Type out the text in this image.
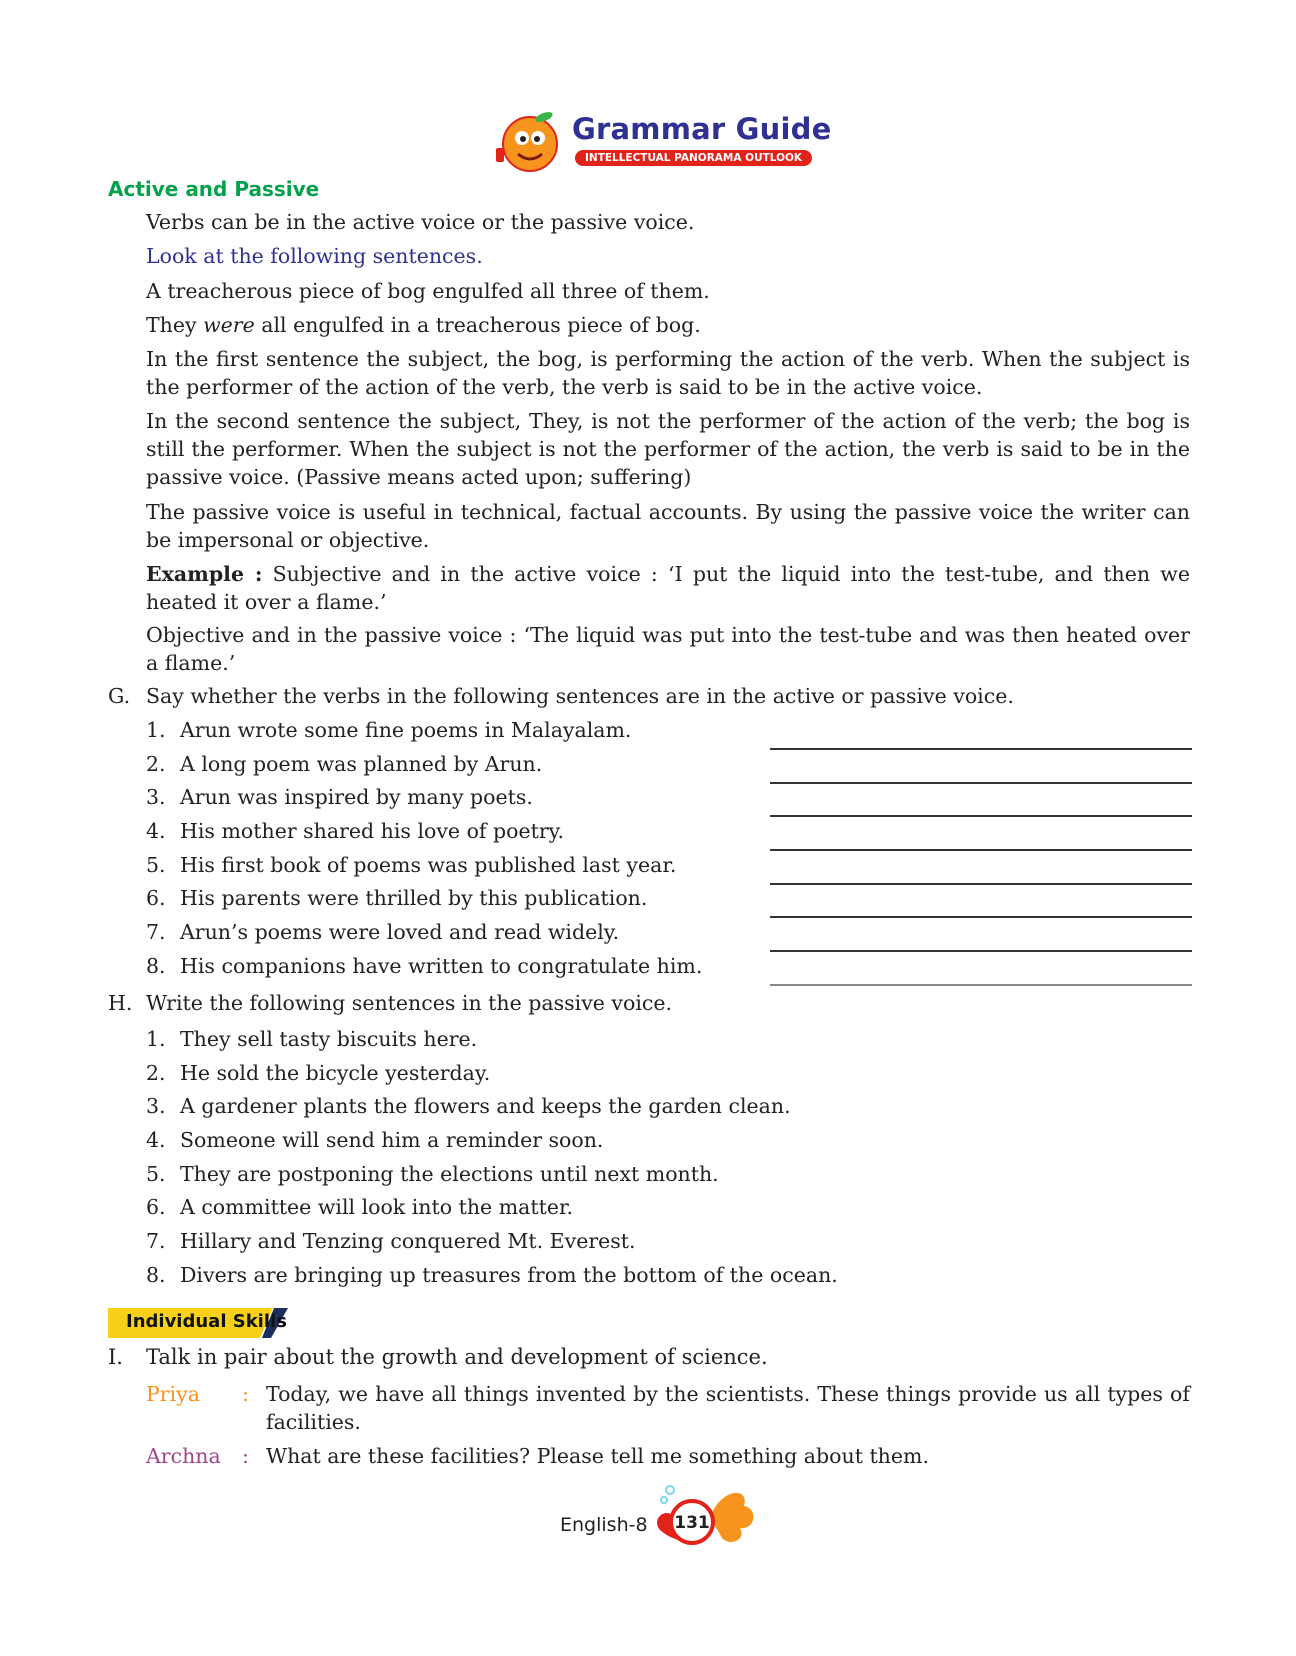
Grammar Guide
INTELLECTUAL PANORAMA OUTLOOK
Active and Passive
Verbs can be in the active voice or the passive voice.
Look at the following sentences.
A treacherous piece of bog engulfed all three of them.
They were all engulfed in a treacherous piece of bog.
In the first sentence the subject, the bog, is performing the action of the verb. When the subject is the performer of the action of the verb, the verb is said to be in the active voice.
In the second sentence the subject, They, is not the performer of the action of the verb; the bog is still the performer. When the subject is not the performer of the action, the verb is said to be in the passive voice. (Passive means acted upon; suffering)
The passive voice is useful in technical, factual accounts. By using the passive voice the writer can be impersonal or objective.
Example : Subjective and in the active voice : ‘I put the liquid into the test-tube, and then we heated it over a flame.’
Objective and in the passive voice : ‘The liquid was put into the test-tube and was then heated over a flame.’
G. Say whether the verbs in the following sentences are in the active or passive voice.
1. Arun wrote some fine poems in Malayalam.
2. A long poem was planned by Arun.
3. Arun was inspired by many poets.
4. His mother shared his love of poetry.
5. His first book of poems was published last year.
6. His parents were thrilled by this publication.
7. Arun’s poems were loved and read widely.
8. His companions have written to congratulate him.
H. Write the following sentences in the passive voice.
1. They sell tasty biscuits here.
2. He sold the bicycle yesterday.
3. A gardener plants the flowers and keeps the garden clean.
4. Someone will send him a reminder soon.
5. They are postponing the elections until next month.
6. A committee will look into the matter.
7. Hillary and Tenzing conquered Mt. Everest.
8. Divers are bringing up treasures from the bottom of the ocean.
Individual Skills
I. Talk in pair about the growth and development of science.
Priya : Today, we have all things invented by the scientists. These things provide us all types of facilities.
Archna : What are these facilities? Please tell me something about them.
English-8 131
